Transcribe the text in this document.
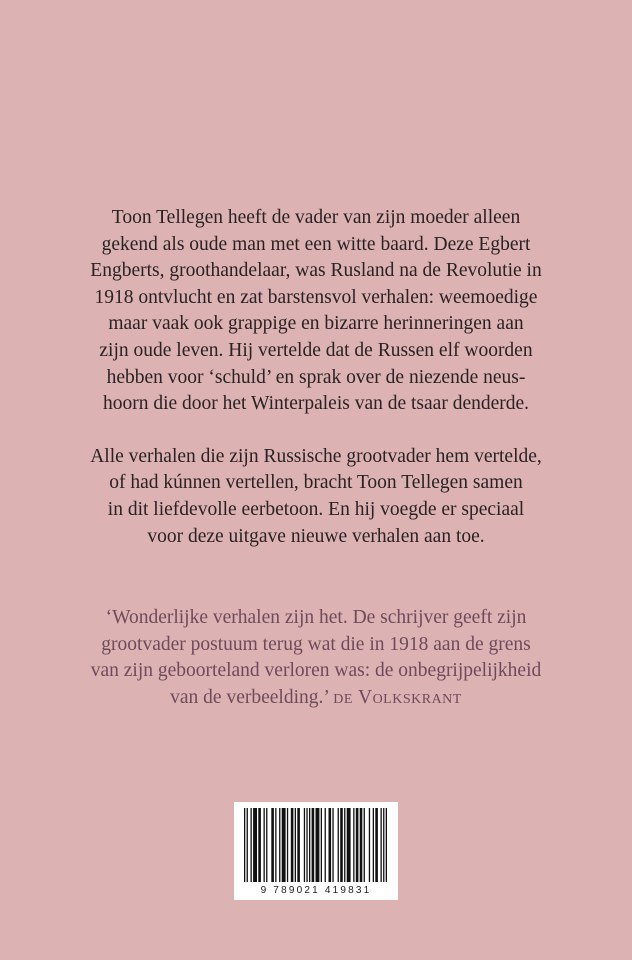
Toon Tellegen heeft de vader van zijn moeder alleen
gekend als oude man met een witte baard. Deze Egbert
Engberts, groothandelaar, was Rusland na de Revolutie in
1918 ontvlucht en zat barstensvol verhalen: weemoedige
maar vaak ook grappige en bizarre herinneringen aan
zijn oude leven. Hij vertelde dat de Russen elf woorden
hebben voor ‘schuld’ en sprak over de niezende neus-
hoorn die door het Winterpaleis van de tsaar denderde.

Alle verhalen die zijn Russische grootvader hem vertelde,
of had kúnnen vertellen, bracht Toon Tellegen samen
in dit liefdevolle eerbetoon. En hij voegde er speciaal
voor deze uitgave nieuwe verhalen aan toe.

‘Wonderlijke verhalen zijn het. De schrijver geeft zijn
grootvader postuum terug wat die in 1918 aan de grens
van zijn geboorteland verloren was: de onbegrijpelijkheid
van de verbeelding.’ de Volkskrant
9 789021 419831
